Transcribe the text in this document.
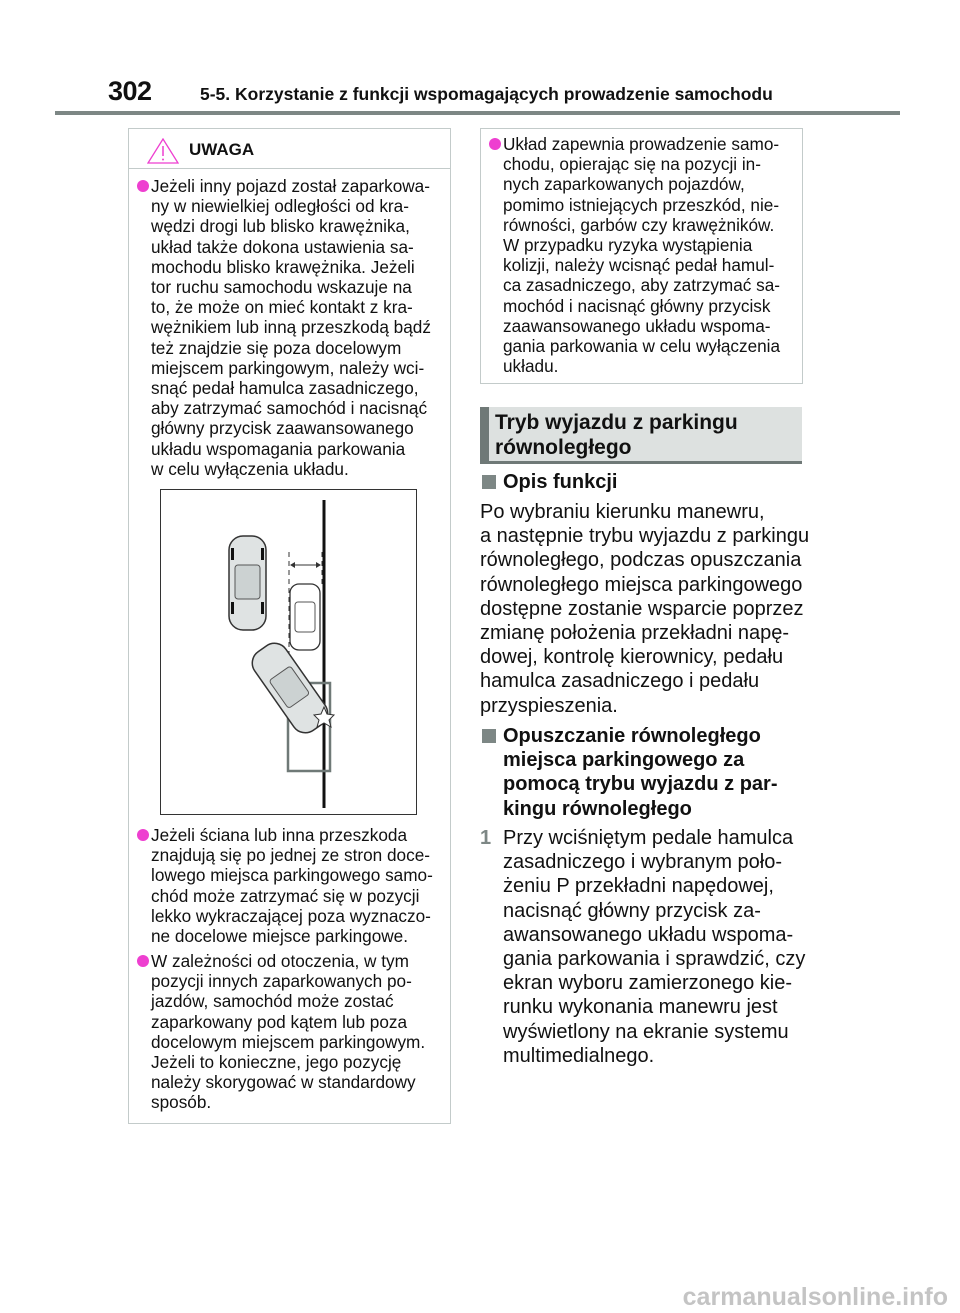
302	5-5. Korzystanie z funkcji wspomagających prowadzenie samochodu
UWAGA
Jeżeli inny pojazd został zaparkowa-
ny w niewielkiej odległości od kra-
wędzi drogi lub blisko krawężnika,
układ także dokona ustawienia sa-
mochodu blisko krawężnika. Jeżeli
tor ruchu samochodu wskazuje na
to, że może on mieć kontakt z kra-
wężnikiem lub inną przeszkodą bądź
też znajdzie się poza docelowym
miejscem parkingowym, należy wci-
snąć pedał hamulca zasadniczego,
aby zatrzymać samochód i nacisnąć
główny przycisk zaawansowanego
układu wspomagania parkowania
w celu wyłączenia układu.
Jeżeli ściana lub inna przeszkoda
znajdują się po jednej ze stron doce-
lowego miejsca parkingowego samo-
chód może zatrzymać się w pozycji
lekko wykraczającej poza wyznaczo-
ne docelowe miejsce parkingowe.
W zależności od otoczenia, w tym
pozycji innych zaparkowanych po-
jazdów, samochód może zostać
zaparkowany pod kątem lub poza
docelowym miejscem parkingowym.
Jeżeli to konieczne, jego pozycję
należy skorygować w standardowy
sposób.
Układ zapewnia prowadzenie samo-
chodu, opierając się na pozycji in-
nych zaparkowanych pojazdów,
pomimo istniejących przeszkód, nie-
równości, garbów czy krawężników.
W przypadku ryzyka wystąpienia
kolizji, należy wcisnąć pedał hamul-
ca zasadniczego, aby zatrzymać sa-
mochód i nacisnąć główny przycisk
zaawansowanego układu wspoma-
gania parkowania w celu wyłączenia
układu.
Tryb wyjazdu z parkingu
równoległego
Opis funkcji
Po wybraniu kierunku manewru,
a następnie trybu wyjazdu z parkingu
równoległego, podczas opuszczania
równoległego miejsca parkingowego
dostępne zostanie wsparcie poprzez
zmianę położenia przekładni napę-
dowej, kontrolę kierownicy, pedału
hamulca zasadniczego i pedału
przyspieszenia.
Opuszczanie równoległego
miejsca parkingowego za
pomocą trybu wyjazdu z par-
kingu równoległego
1 Przy wciśniętym pedale hamulca
zasadniczego i wybranym poło-
żeniu P przekładni napędowej,
nacisnąć główny przycisk za-
awansowanego układu wspoma-
gania parkowania i sprawdzić, czy
ekran wyboru zamierzonego kie-
runku wykonania manewru jest
wyświetlony na ekranie systemu
multimedialnego.
carmanualsonline.info
